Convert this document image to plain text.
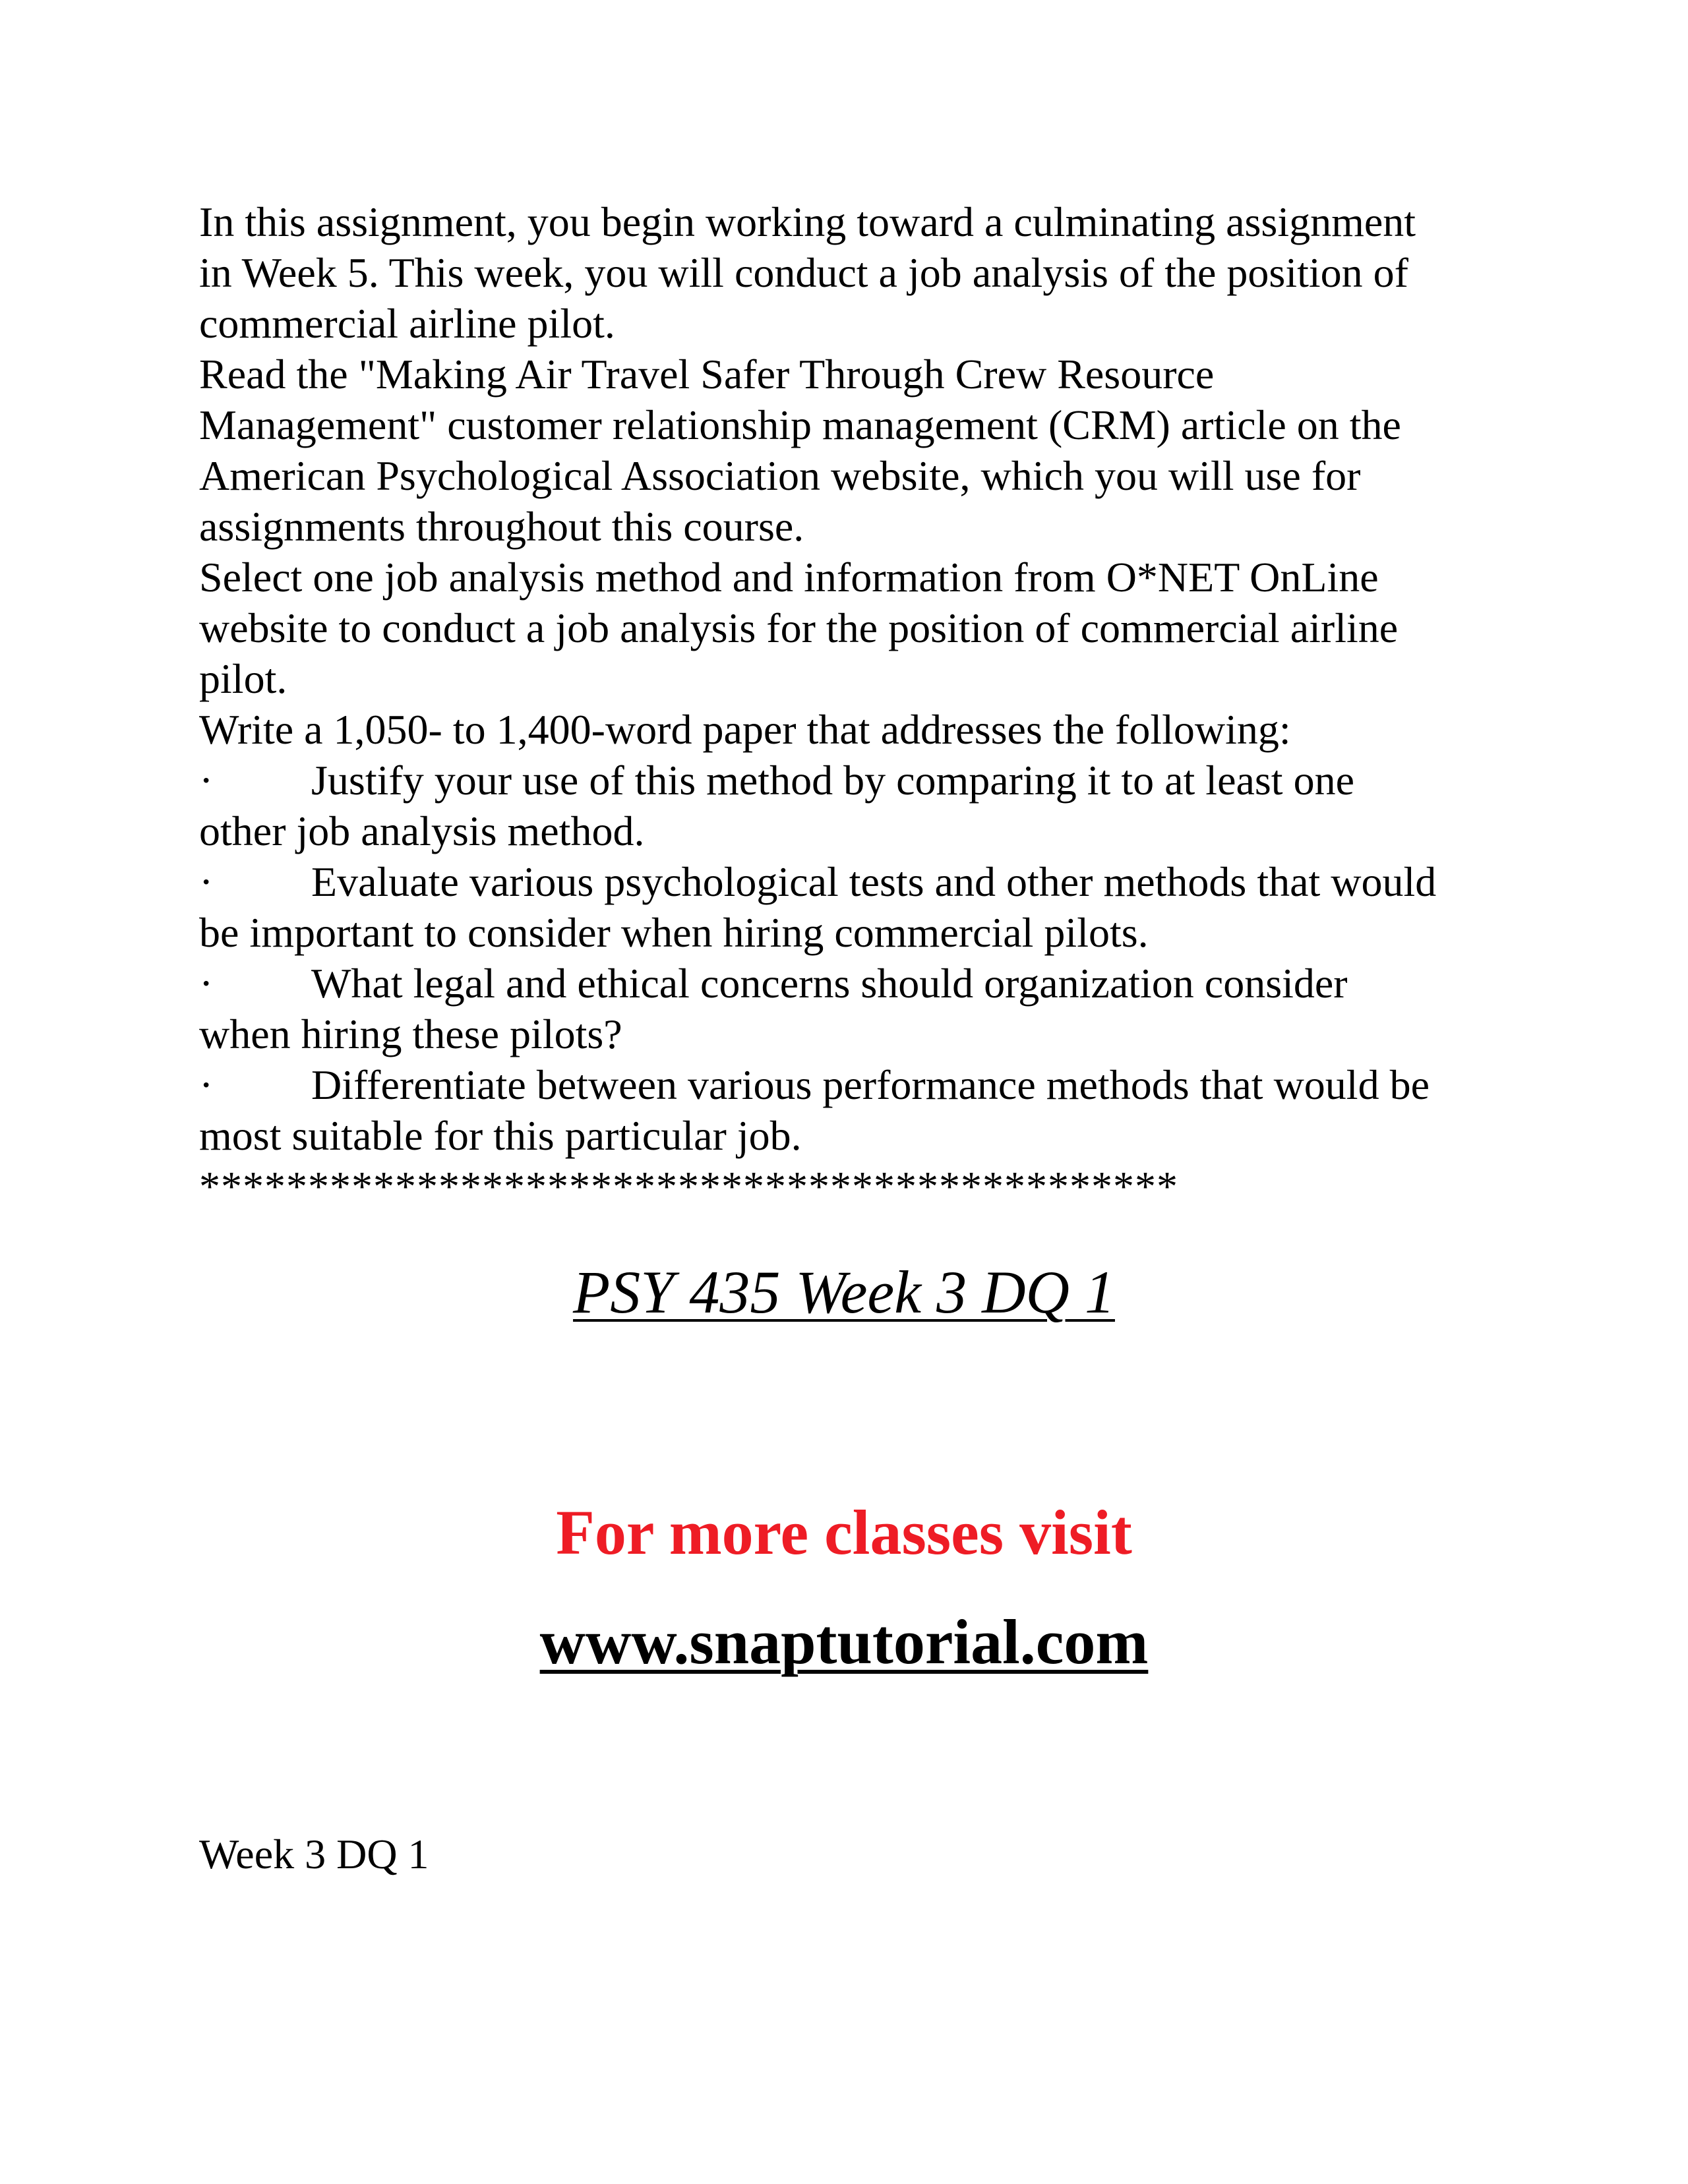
In this assignment, you begin working toward a culminating assignment
in Week 5. This week, you will conduct a job analysis of the position of
commercial airline pilot.
Read the "Making Air Travel Safer Through Crew Resource
Management" customer relationship management (CRM) article on the
American Psychological Association website, which you will use for
assignments throughout this course.
Select one job analysis method and information from O*NET OnLine
website to conduct a job analysis for the position of commercial airline
pilot.
Write a 1,050- to 1,400-word paper that addresses the following:
· Justify your use of this method by comparing it to at least one
other job analysis method.
· Evaluate various psychological tests and other methods that would
be important to consider when hiring commercial pilots.
· What legal and ethical concerns should organization consider
when hiring these pilots?
· Differentiate between various performance methods that would be
most suitable for this particular job.
*********************************************
PSY 435 Week 3 DQ 1
For more classes visit
www.snaptutorial.com
Week 3 DQ 1
